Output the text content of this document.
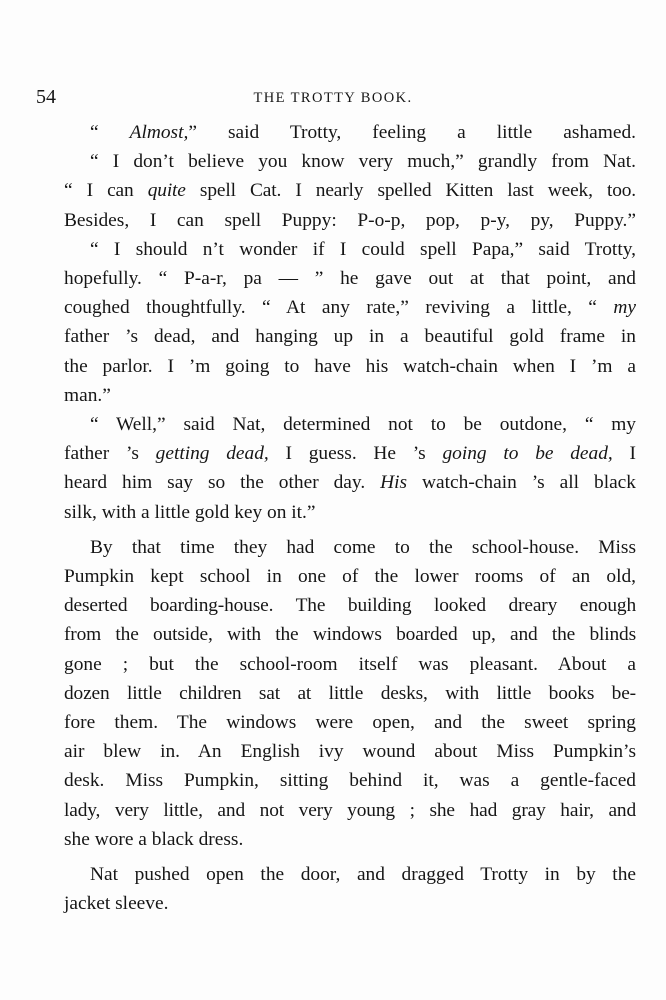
54	THE TROTTY BOOK.

“ Almost,” said Trotty, feeling a little ashamed.

“ I don’t believe you know very much,” grandly from Nat.
“ I can quite spell Cat. I nearly spelled Kitten last week, too.
Besides, I can spell Puppy: P-o-p, pop, p-y, py, Puppy.”

“ I should n’t wonder if I could spell Papa,” said Trotty,
hopefully. “ P-a-r, pa — ” he gave out at that point, and
coughed thoughtfully. “ At any rate,” reviving a little, “ my
father ’s dead, and hanging up in a beautiful gold frame in
the parlor. I ’m going to have his watch-chain when I ’m a
man.”

“ Well,” said Nat, determined not to be outdone, “ my
father ’s getting dead, I guess. He ’s going to be dead, I
heard him say so the other day. His watch-chain ’s all black
silk, with a little gold key on it.”

By that time they had come to the school-house. Miss
Pumpkin kept school in one of the lower rooms of an old,
deserted boarding-house. The building looked dreary enough
from the outside, with the windows boarded up, and the blinds
gone ; but the school-room itself was pleasant. About a
dozen little children sat at little desks, with little books be-
fore them. The windows were open, and the sweet spring
air blew in. An English ivy wound about Miss Pumpkin’s
desk. Miss Pumpkin, sitting behind it, was a gentle-faced
lady, very little, and not very young ; she had gray hair, and
she wore a black dress.

Nat pushed open the door, and dragged Trotty in by the
jacket sleeve.
